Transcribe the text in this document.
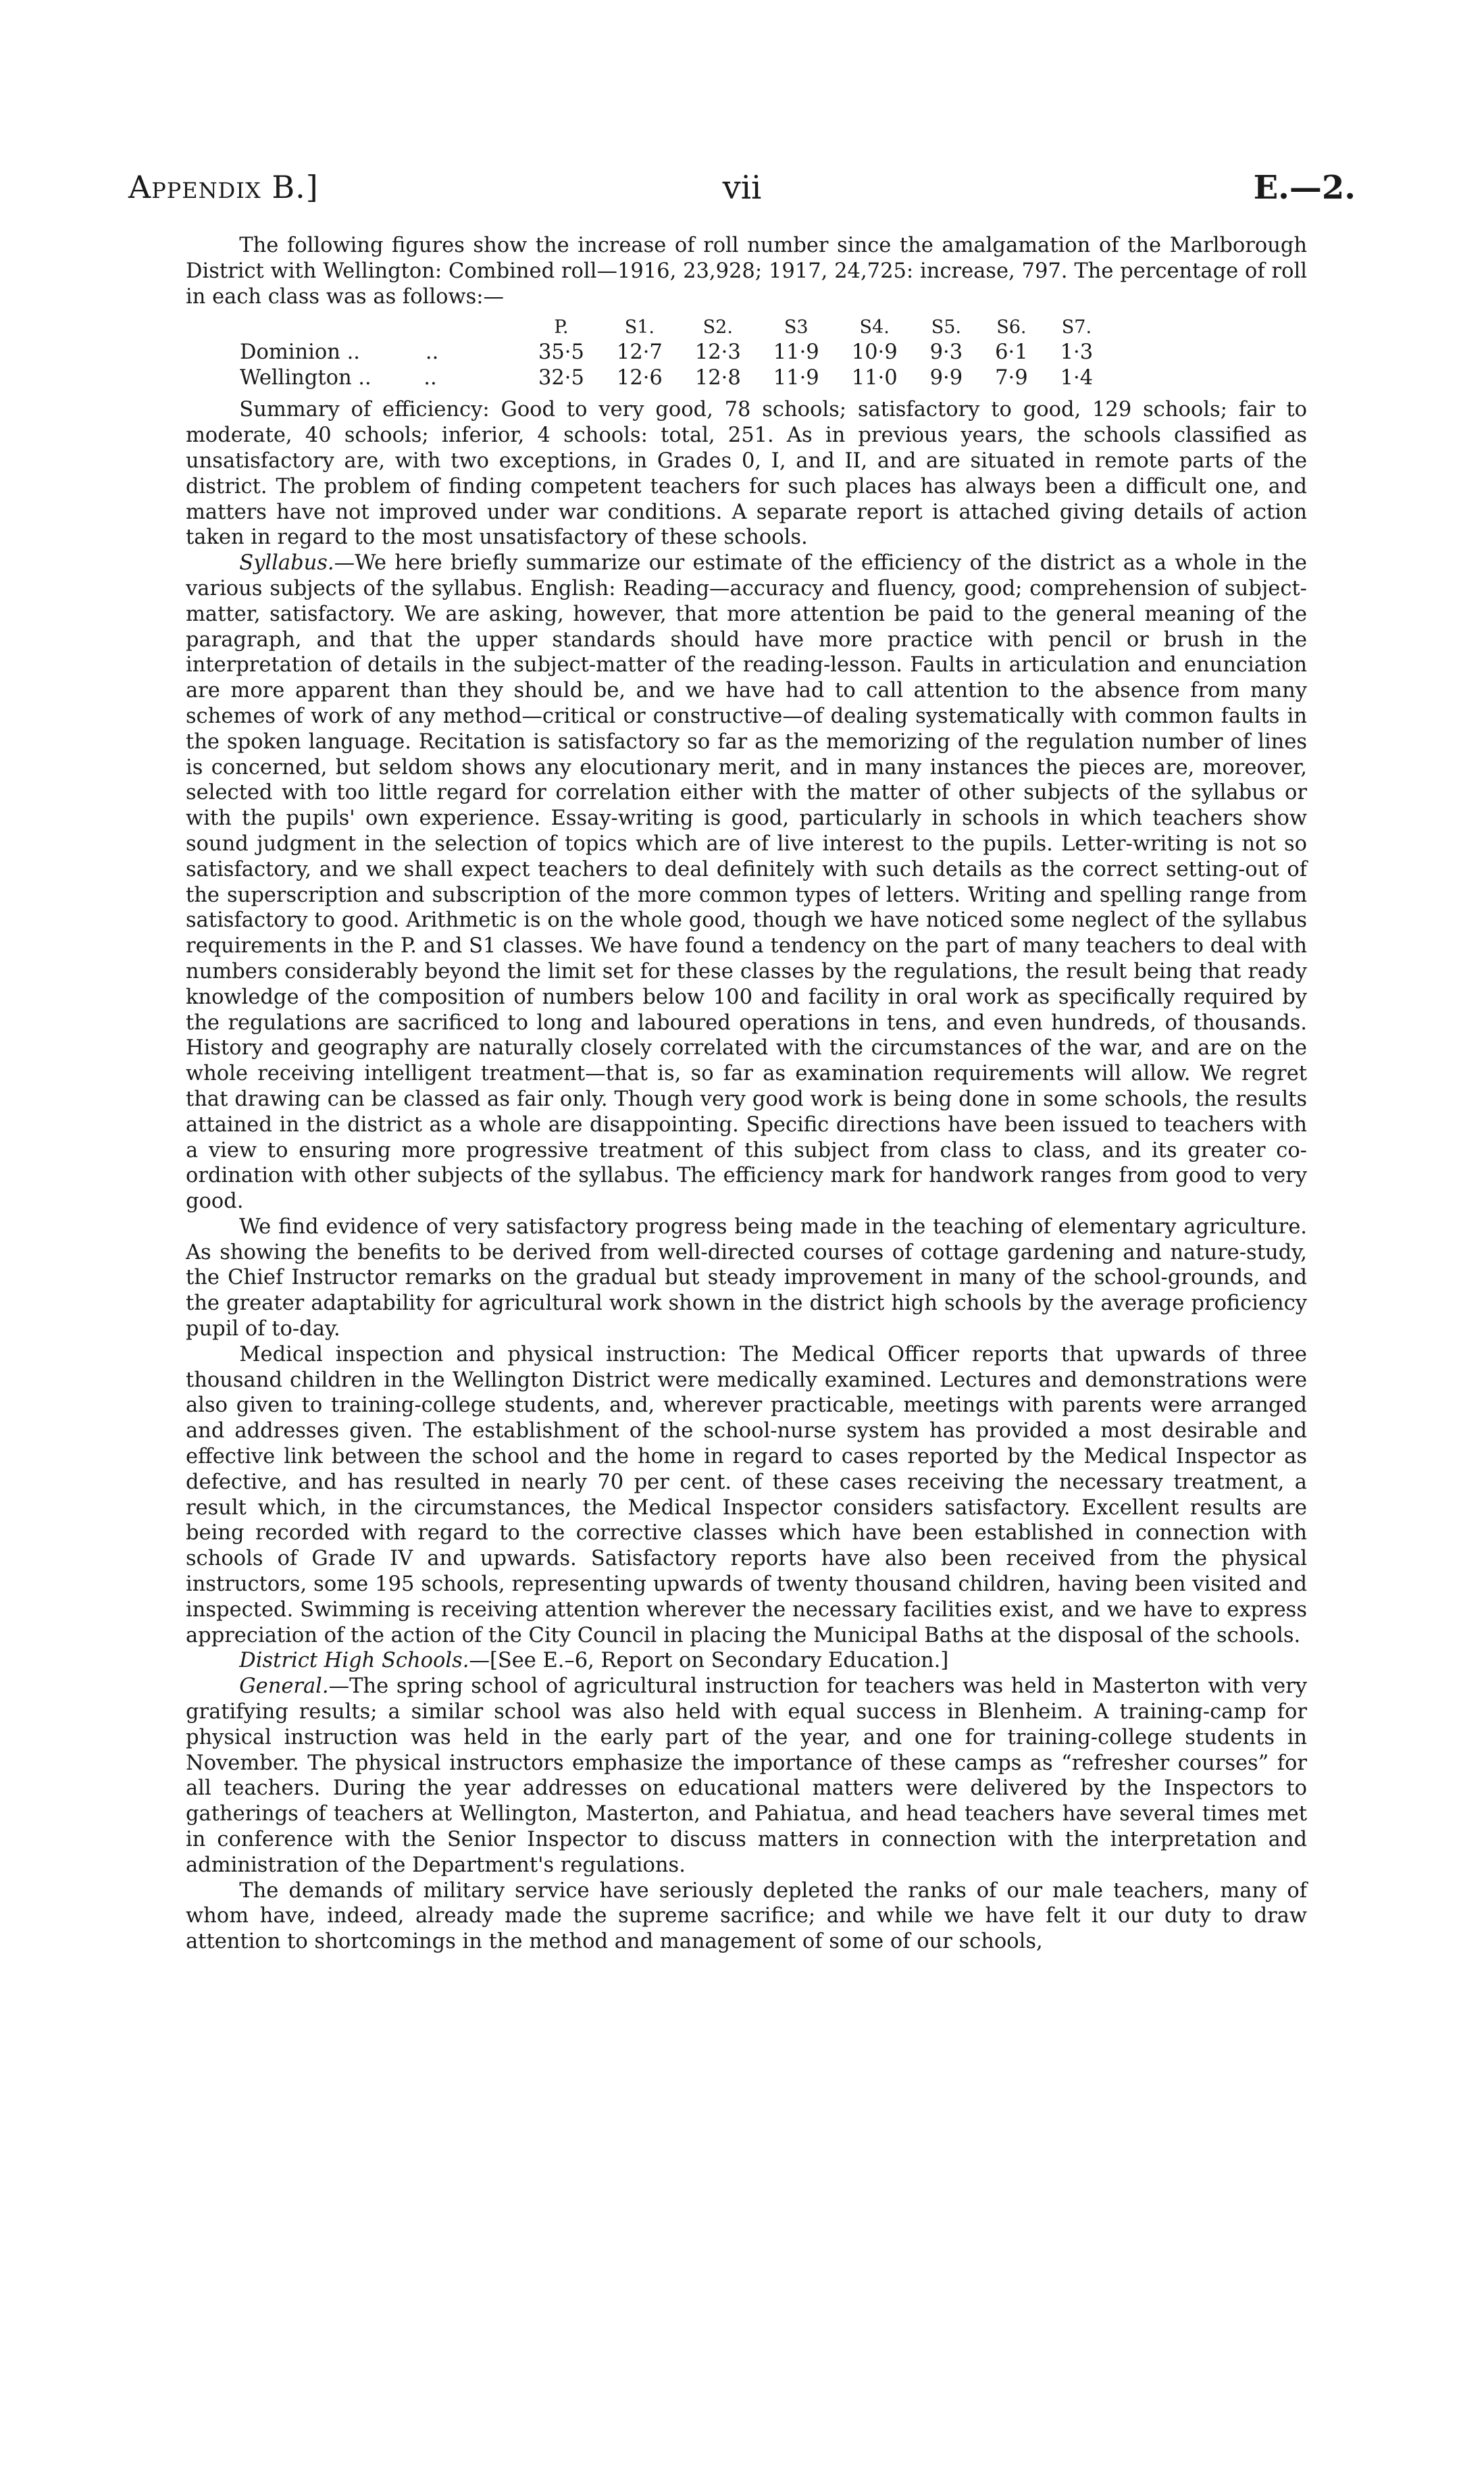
Appendix B.]	vii	E.—2.

The following figures show the increase of roll number since the amalgamation of the Marlborough District with Wellington: Combined roll—1916, 23,928; 1917, 24,725: increase, 797. The percentage of roll in each class was as follows:—

	P.	S1.	S2.	S3	S4.	S5.	S6.	S7.
Dominion ..          ..	35·5	12·7	12·3	11·9	10·9	9·3	6·1	1·3
Wellington ..        ..	32·5	12·6	12·8	11·9	11·0	9·9	7·9	1·4

Summary of efficiency: Good to very good, 78 schools; satisfactory to good, 129 schools; fair to moderate, 40 schools; inferior, 4 schools: total, 251. As in previous years, the schools classified as unsatisfactory are, with two exceptions, in Grades 0, I, and II, and are situated in remote parts of the district. The problem of finding competent teachers for such places has always been a difficult one, and matters have not improved under war conditions. A separate report is attached giving details of action taken in regard to the most unsatisfactory of these schools.

Syllabus.—We here briefly summarize our estimate of the efficiency of the district as a whole in the various subjects of the syllabus. English: Reading—accuracy and fluency, good; comprehension of subject-matter, satisfactory. We are asking, however, that more attention be paid to the general meaning of the paragraph, and that the upper standards should have more practice with pencil or brush in the interpretation of details in the subject-matter of the reading-lesson. Faults in articulation and enunciation are more apparent than they should be, and we have had to call attention to the absence from many schemes of work of any method—critical or constructive—of dealing systematically with common faults in the spoken language. Recitation is satisfactory so far as the memorizing of the regulation number of lines is concerned, but seldom shows any elocutionary merit, and in many instances the pieces are, moreover, selected with too little regard for correlation either with the matter of other subjects of the syllabus or with the pupils' own experience. Essay-writing is good, particularly in schools in which teachers show sound judgment in the selection of topics which are of live interest to the pupils. Letter-writing is not so satisfactory, and we shall expect teachers to deal definitely with such details as the correct setting-out of the superscription and subscription of the more common types of letters. Writing and spelling range from satisfactory to good. Arithmetic is on the whole good, though we have noticed some neglect of the syllabus requirements in the P. and S1 classes. We have found a tendency on the part of many teachers to deal with numbers considerably beyond the limit set for these classes by the regulations, the result being that ready knowledge of the composition of numbers below 100 and facility in oral work as specifically required by the regulations are sacrificed to long and laboured operations in tens, and even hundreds, of thousands. History and geography are naturally closely correlated with the circumstances of the war, and are on the whole receiving intelligent treatment—that is, so far as examination requirements will allow. We regret that drawing can be classed as fair only. Though very good work is being done in some schools, the results attained in the district as a whole are disappointing. Specific directions have been issued to teachers with a view to ensuring more progressive treatment of this subject from class to class, and its greater co-ordination with other subjects of the syllabus. The efficiency mark for handwork ranges from good to very good.

We find evidence of very satisfactory progress being made in the teaching of elementary agriculture. As showing the benefits to be derived from well-directed courses of cottage gardening and nature-study, the Chief Instructor remarks on the gradual but steady improvement in many of the school-grounds, and the greater adaptability for agricultural work shown in the district high schools by the average proficiency pupil of to-day.

Medical inspection and physical instruction: The Medical Officer reports that upwards of three thousand children in the Wellington District were medically examined. Lectures and demonstrations were also given to training-college students, and, wherever practicable, meetings with parents were arranged and addresses given. The establishment of the school-nurse system has provided a most desirable and effective link between the school and the home in regard to cases reported by the Medical Inspector as defective, and has resulted in nearly 70 per cent. of these cases receiving the necessary treatment, a result which, in the circumstances, the Medical Inspector considers satisfactory. Excellent results are being recorded with regard to the corrective classes which have been established in connection with schools of Grade IV and upwards. Satisfactory reports have also been received from the physical instructors, some 195 schools, representing upwards of twenty thousand children, having been visited and inspected. Swimming is receiving attention wherever the necessary facilities exist, and we have to express appreciation of the action of the City Council in placing the Municipal Baths at the disposal of the schools.

District High Schools.—[See E.–6, Report on Secondary Education.]

General.—The spring school of agricultural instruction for teachers was held in Masterton with very gratifying results; a similar school was also held with equal success in Blenheim. A training-camp for physical instruction was held in the early part of the year, and one for training-college students in November. The physical instructors emphasize the importance of these camps as “refresher courses” for all teachers. During the year addresses on educational matters were delivered by the Inspectors to gatherings of teachers at Wellington, Masterton, and Pahiatua, and head teachers have several times met in conference with the Senior Inspector to discuss matters in connection with the interpretation and administration of the Department's regulations.

The demands of military service have seriously depleted the ranks of our male teachers, many of whom have, indeed, already made the supreme sacrifice; and while we have felt it our duty to draw attention to shortcomings in the method and management of some of our schools,
